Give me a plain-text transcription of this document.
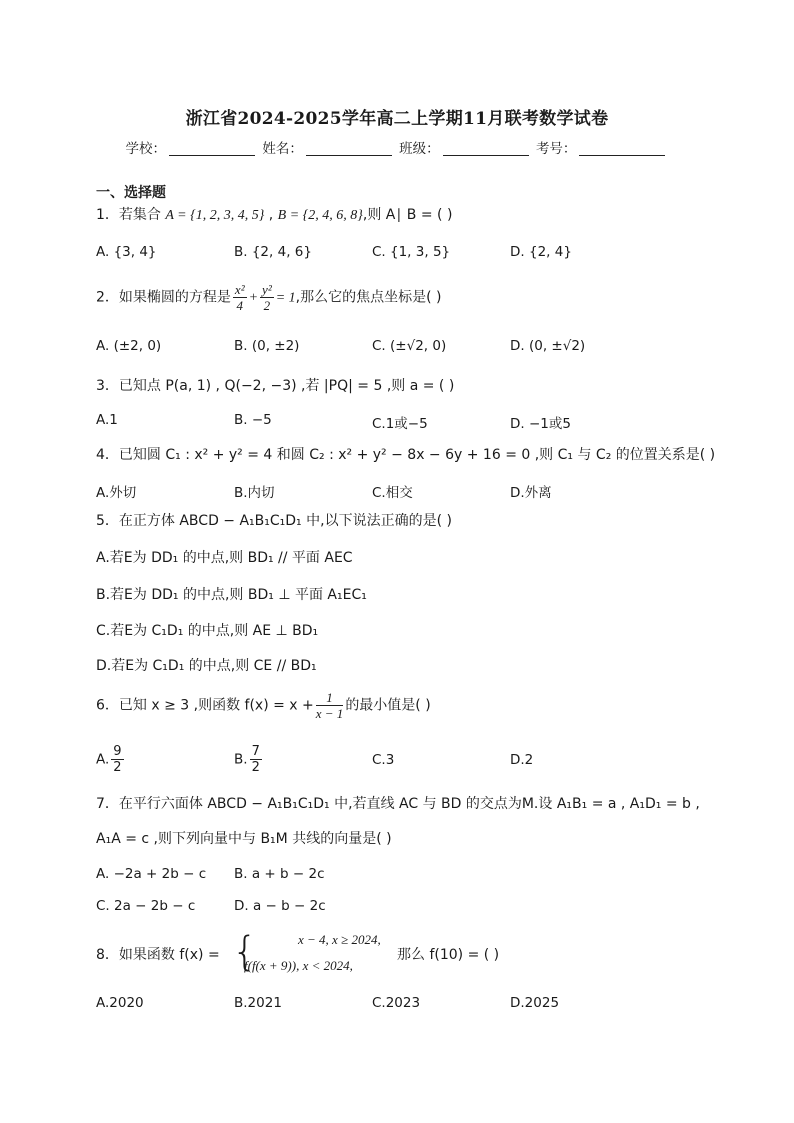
浙江省2024-2025学年高二上学期11月联考数学试卷
学校：	姓名：	班级：	考号：
一、选择题
1．若集合 A = {1, 2, 3, 4, 5} , B = {2, 4, 6, 8},则 A∣ B = ( )
A. {3, 4}	B. {2, 4, 6}	C. {1, 3, 5}	D. {2, 4}
2．如果椭圆的方程是 $\frac{\text{x²}}{4} + \frac{\text{y²}}{2} = 1$,那么它的焦点坐标是( )
A. (±2, 0)	B. (0, ±2)	C. (±√2, 0)	D. (0, ±√2)
3．已知点 P(a, 1) , Q(−2, −3) ,若 |PQ| = 5 ,则 a = ( )
A.1	B. −5	C.1或−5	D. −1或5
4．已知圆 C₁ : x² + y² = 4 和圆 C₂ : x² + y² − 8x − 6y + 16 = 0 ,则 C₁ 与 C₂ 的位置关系是( )
A.外切	B.内切	C.相交	D.外离
5．在正方体 ABCD − A₁B₁C₁D₁ 中,以下说法正确的是( )
A.若E为 DD₁ 的中点,则 BD₁ // 平面 AEC
B.若E为 DD₁ 的中点,则 BD₁ ⊥ 平面 A₁EC₁
C.若E为 C₁D₁ 的中点,则 AE ⊥ BD₁
D.若E为 C₁D₁ 的中点,则 CE // BD₁
6．已知 x ≥ 3 ,则函数 $f(x) = x + \frac{1}{x - 1}$ 的最小值是( )
A. $\frac{9}{2}$	B. $\frac{7}{2}$	C.3	D.2
7．在平行六面体 ABCD − A₁B₁C₁D₁ 中,若直线 AC 与 BD 的交点为M.设 A₁B₁ = a , A₁D₁ = b ,
A₁A = c ,则下列向量中与 B₁M 共线的向量是( )
A. −2a + 2b − c B. a + b − 2c
C. 2a − 2b − c	D. a − b − 2c
8．如果函数 f(x) = {	x − 4, x ≥ 2024,
f(f(x + 9)), x < 2024,
那么 f(10) = ( )
A.2020	B.2021	C.2023	D.2025
